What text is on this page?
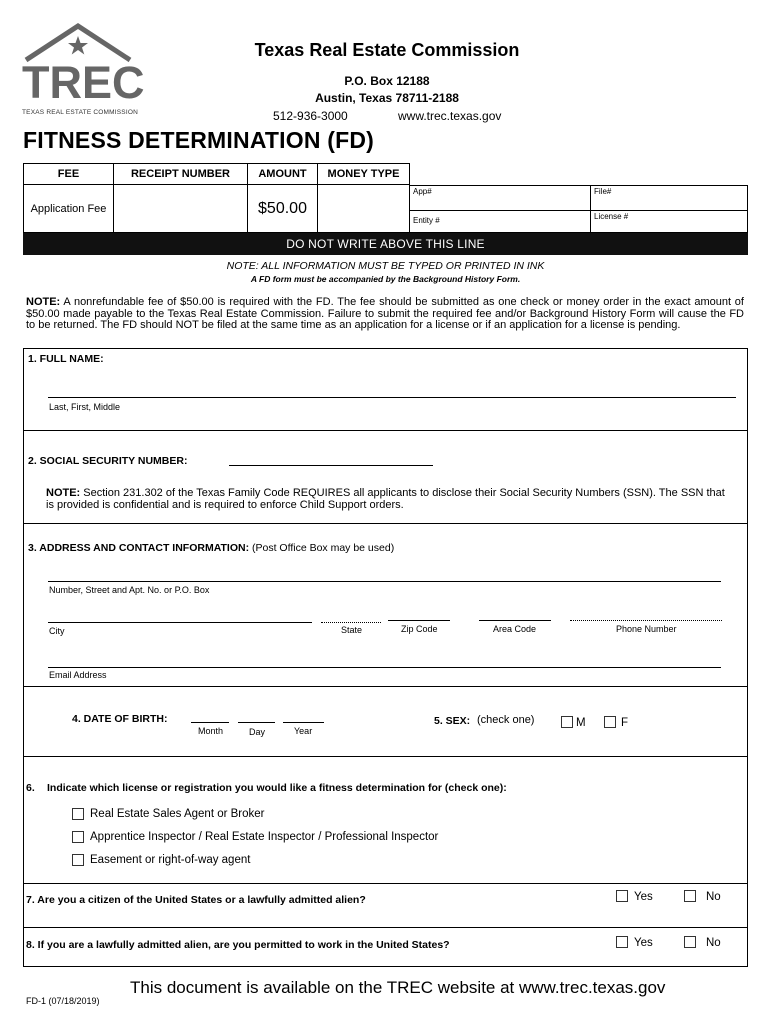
TREC
TEXAS REAL ESTATE COMMISSION
Texas Real Estate Commission
P.O. Box 12188
Austin, Texas 78711-2188
512-936-3000	www.trec.texas.gov
FITNESS DETERMINATION (FD)
FEE	RECEIPT NUMBER	AMOUNT	MONEY TYPE
Application Fee		$50.00	
App#	File#
Entity #	License #
DO NOT WRITE ABOVE THIS LINE
NOTE: ALL INFORMATION MUST BE TYPED OR PRINTED IN INK
A FD form must be accompanied by the Background History Form.
NOTE: A nonrefundable fee of $50.00 is required with the FD. The fee should be submitted as one check or money order in the exact amount of $50.00 made payable to the Texas Real Estate Commission. Failure to submit the required fee and/or Background History Form will cause the FD to be returned. The FD should NOT be filed at the same time as an application for a license or if an application for a license is pending.
1. FULL NAME:
Last, First, Middle
2. SOCIAL SECURITY NUMBER:
NOTE: Section 231.302 of the Texas Family Code REQUIRES all applicants to disclose their Social Security Numbers (SSN). The SSN that is provided is confidential and is required to enforce Child Support orders.
3. ADDRESS AND CONTACT INFORMATION: (Post Office Box may be used)
Number, Street and Apt. No. or P.O. Box
City	State	Zip Code	Area Code	Phone Number
Email Address
4. DATE OF BIRTH:
Month	Day	Year
5. SEX: (check one)	M	F
6. Indicate which license or registration you would like a fitness determination for (check one):
Real Estate Sales Agent or Broker
Apprentice Inspector / Real Estate Inspector / Professional Inspector
Easement or right-of-way agent
7. Are you a citizen of the United States or a lawfully admitted alien?	Yes	No
8. If you are a lawfully admitted alien, are you permitted to work in the United States?	Yes	No
This document is available on the TREC website at www.trec.texas.gov
FD-1 (07/18/2019)
